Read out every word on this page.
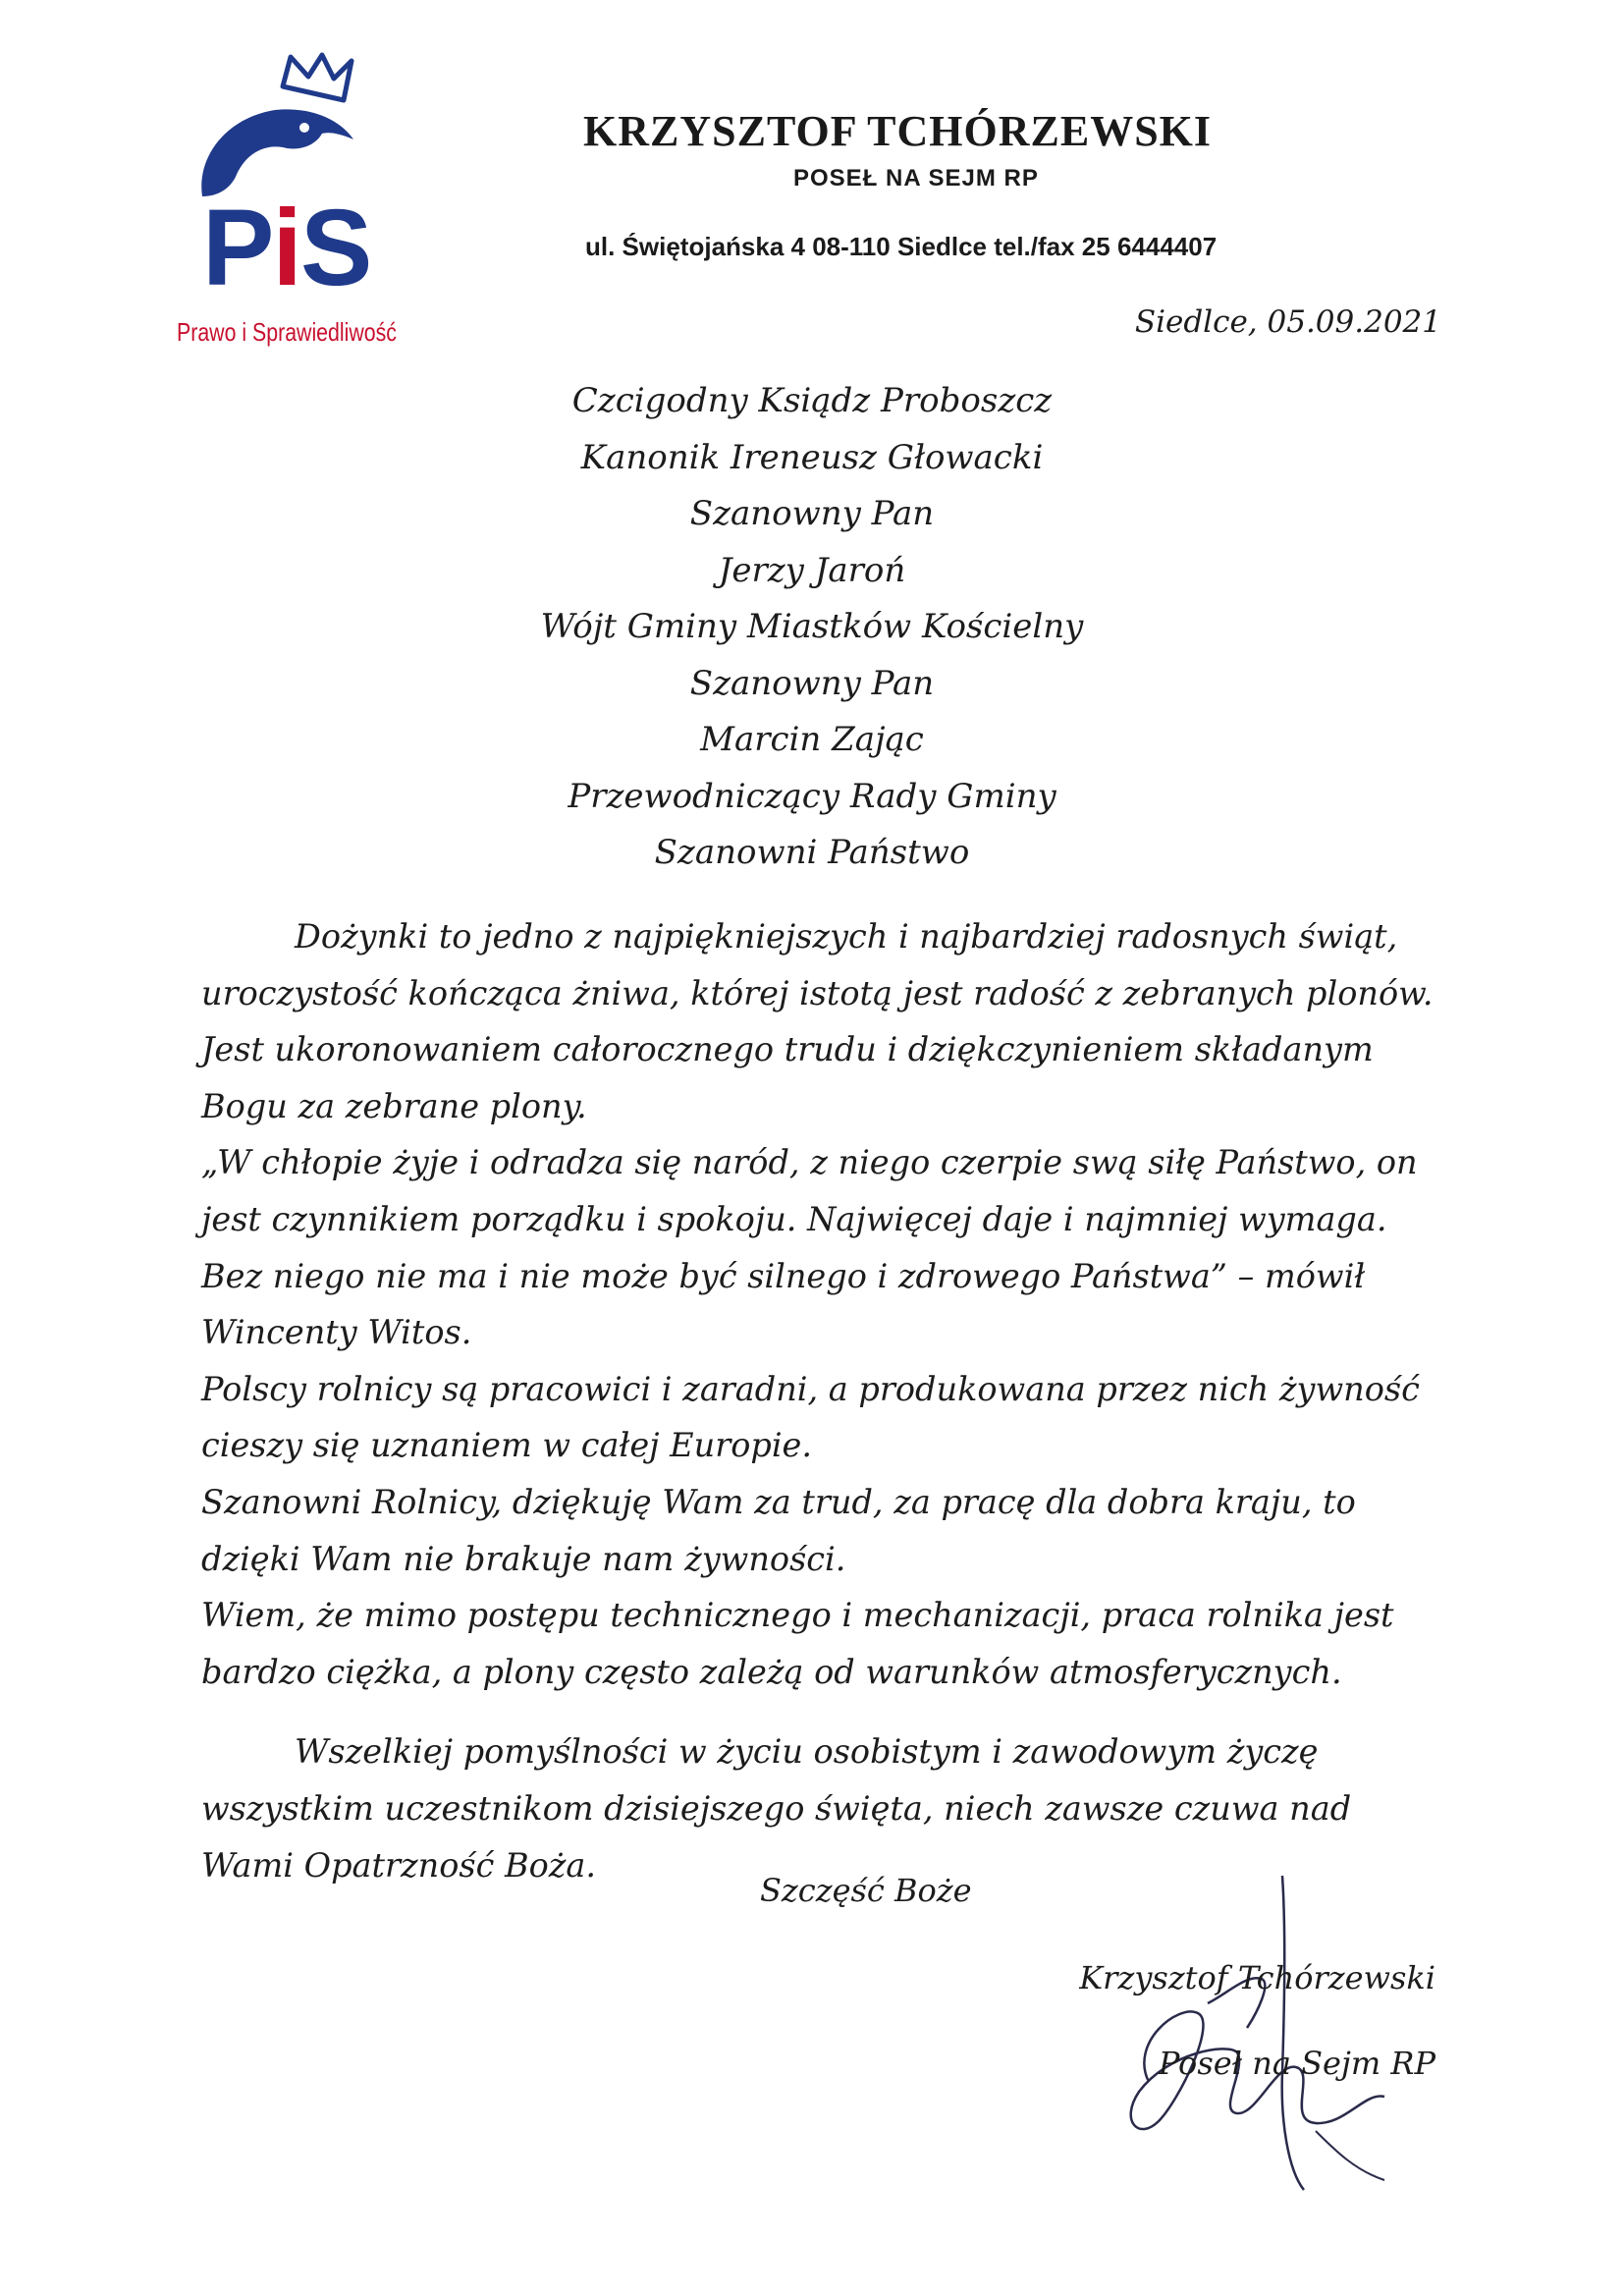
PiS
Prawo i Sprawiedliwość
KRZYSZTOF TCHÓRZEWSKI
POSEŁ NA SEJM RP
ul. Świętojańska 4 08-110 Siedlce tel./fax 25 6444407
Siedlce, 05.09.2021
Czcigodny Ksiądz Proboszcz
Kanonik Ireneusz Głowacki
Szanowny Pan
Jerzy Jaroń
Wójt Gminy Miastków Kościelny
Szanowny Pan
Marcin Zając
Przewodniczący Rady Gminy
Szanowni Państwo

Dożynki to jedno z najpiękniejszych i najbardziej radosnych świąt, uroczystość kończąca żniwa, której istotą jest radość z zebranych plonów. Jest ukoronowaniem całorocznego trudu i dziękczynieniem składanym Bogu za zebrane plony.

„W chłopie żyje i odradza się naród, z niego czerpie swą siłę Państwo, on jest czynnikiem porządku i spokoju. Najwięcej daje i najmniej wymaga. Bez niego nie ma i nie może być silnego i zdrowego Państwa” – mówił Wincenty Witos.

Polscy rolnicy są pracowici i zaradni, a produkowana przez nich żywność cieszy się uznaniem w całej Europie.

Szanowni Rolnicy, dziękuję Wam za trud, za pracę dla dobra kraju, to dzięki Wam nie brakuje nam żywności.

Wiem, że mimo postępu technicznego i mechanizacji, praca rolnika jest bardzo ciężka, a plony często zależą od warunków atmosferycznych.

Wszelkiej pomyślności w życiu osobistym i zawodowym życzę wszystkim uczestnikom dzisiejszego święta, niech zawsze czuwa nad Wami Opatrzność Boża.

Szczęść Boże
Krzysztof Tchórzewski
Poseł na Sejm RP
